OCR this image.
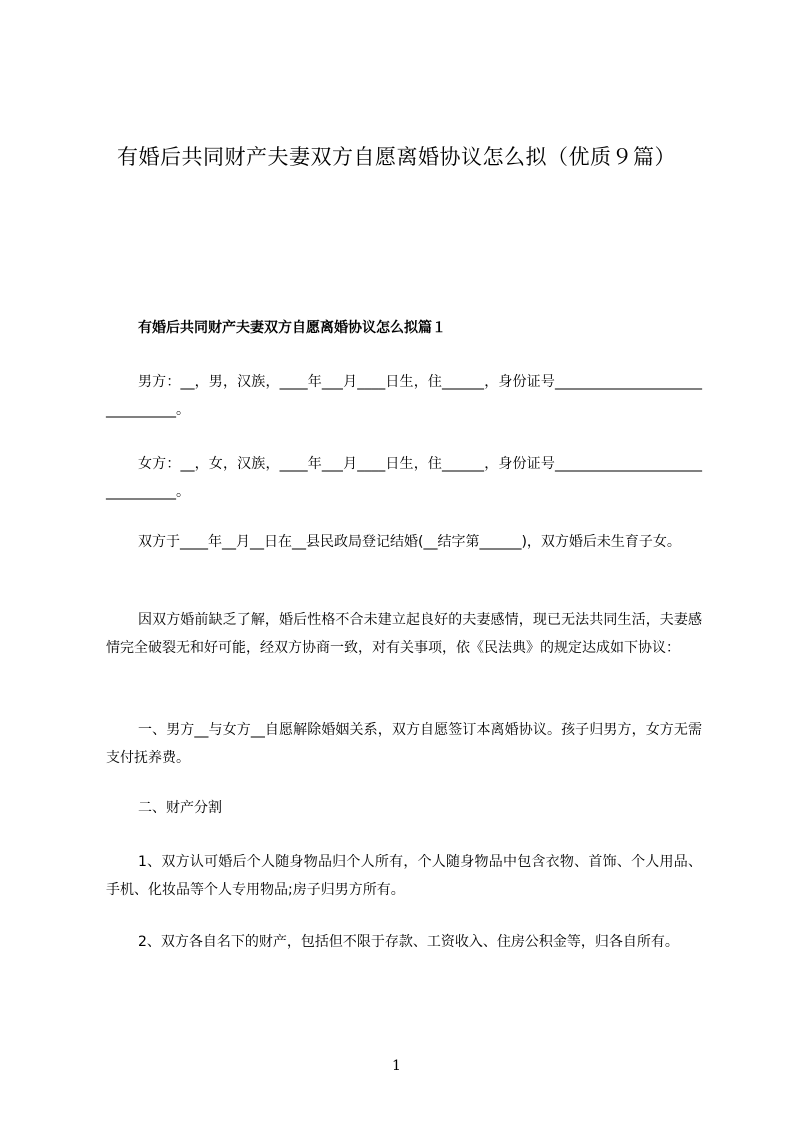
有婚后共同财产夫妻双方自愿离婚协议怎么拟（优质９篇）
有婚后共同财产夫妻双方自愿离婚协议怎么拟篇１
男方：__，男，汉族，____年___月____日生，住______，身份证号_______________________________。
女方：__，女，汉族，____年___月____日生，住______，身份证号_______________________________。
双方于____年__月__日在__县民政局登记结婚(__结字第______)，双方婚后未生育子女。
因双方婚前缺乏了解，婚后性格不合未建立起良好的夫妻感情，现已无法共同生活，夫妻感情完全破裂无和好可能，经双方协商一致，对有关事项，依《民法典》的规定达成如下协议：
一、男方__与女方__自愿解除婚姻关系，双方自愿签订本离婚协议。孩子归男方，女方无需支付抚养费。
二、财产分割
1、双方认可婚后个人随身物品归个人所有，个人随身物品中包含衣物、首饰、个人用品、手机、化妆品等个人专用物品;房子归男方所有。
2、双方各自名下的财产，包括但不限于存款、工资收入、住房公积金等，归各自所有。
1
